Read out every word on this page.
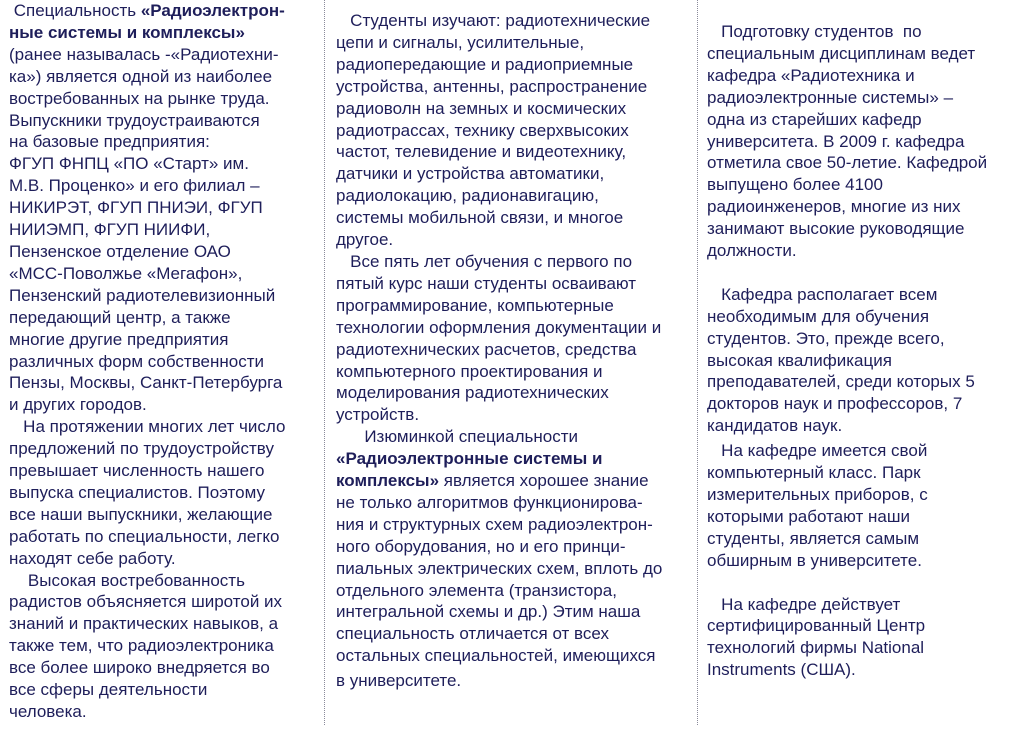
Специальность «Радиоэлектрон-
ные системы и комплексы»
(ранее называлась -«Радиотехни-
ка») является одной из наиболее
востребованных на рынке труда.
Выпускники трудоустраиваются
на базовые предприятия:
ФГУП ФНПЦ «ПО «Старт» им.
М.В. Проценко» и его филиал –
НИКИРЭТ, ФГУП ПНИЭИ, ФГУП
НИИЭМП, ФГУП НИИФИ,
Пензенское отделение ОАО
«МСС-Поволжье «Мегафон»,
Пензенский радиотелевизионный
передающий центр, а также
многие другие предприятия
различных форм собственности
Пензы, Москвы, Санкт-Петербурга
и других городов.
На протяжении многих лет число
предложений по трудоустройству
превышает численность нашего
выпуска специалистов. Поэтому
все наши выпускники, желающие
работать по специальности, легко
находят себе работу.
Высокая востребованность
радистов объясняется широтой их
знаний и практических навыков, а
также тем, что радиоэлектроника
все более широко внедряется во
все сферы деятельности
человека.
Студенты изучают: радиотехнические
цепи и сигналы, усилительные,
радиопередающие и радиоприемные
устройства, антенны, распространение
радиоволн на земных и космических
радиотрассах, технику сверхвысоких
частот, телевидение и видеотехнику,
датчики и устройства автоматики,
радиолокацию, радионавигацию,
системы мобильной связи, и многое
другое.
Все пять лет обучения с первого по
пятый курс наши студенты осваивают
программирование, компьютерные
технологии оформления документации и
радиотехнических расчетов, средства
компьютерного проектирования и
моделирования радиотехнических
устройств.
Изюминкой специальности
«Радиоэлектронные системы и
комплексы» является хорошее знание
не только алгоритмов функционирова-
ния и структурных схем радиоэлектрон-
ного оборудования, но и его принци-
пиальных электрических схем, вплоть до
отдельного элемента (транзистора,
интегральной схемы и др.) Этим наша
специальность отличается от всех
остальных специальностей, имеющихся
в университете.
Подготовку студентов  по
специальным дисциплинам ведет
кафедра «Радиотехника и
радиоэлектронные системы» –
одна из старейших кафедр
университета. В 2009 г. кафедра
отметила свое 50-летие. Кафедрой
выпущено более 4100
радиоинженеров, многие из них
занимают высокие руководящие
должности.
Кафедра располагает всем
необходимым для обучения
студентов. Это, прежде всего,
высокая квалификация
преподавателей, среди которых 5
докторов наук и профессоров, 7
кандидатов наук.
На кафедре имеется свой
компьютерный класс. Парк
измерительных приборов, с
которыми работают наши
студенты, является самым
обширным в университете.
На кафедре действует
сертифицированный Центр
технологий фирмы National
Instruments (США).
